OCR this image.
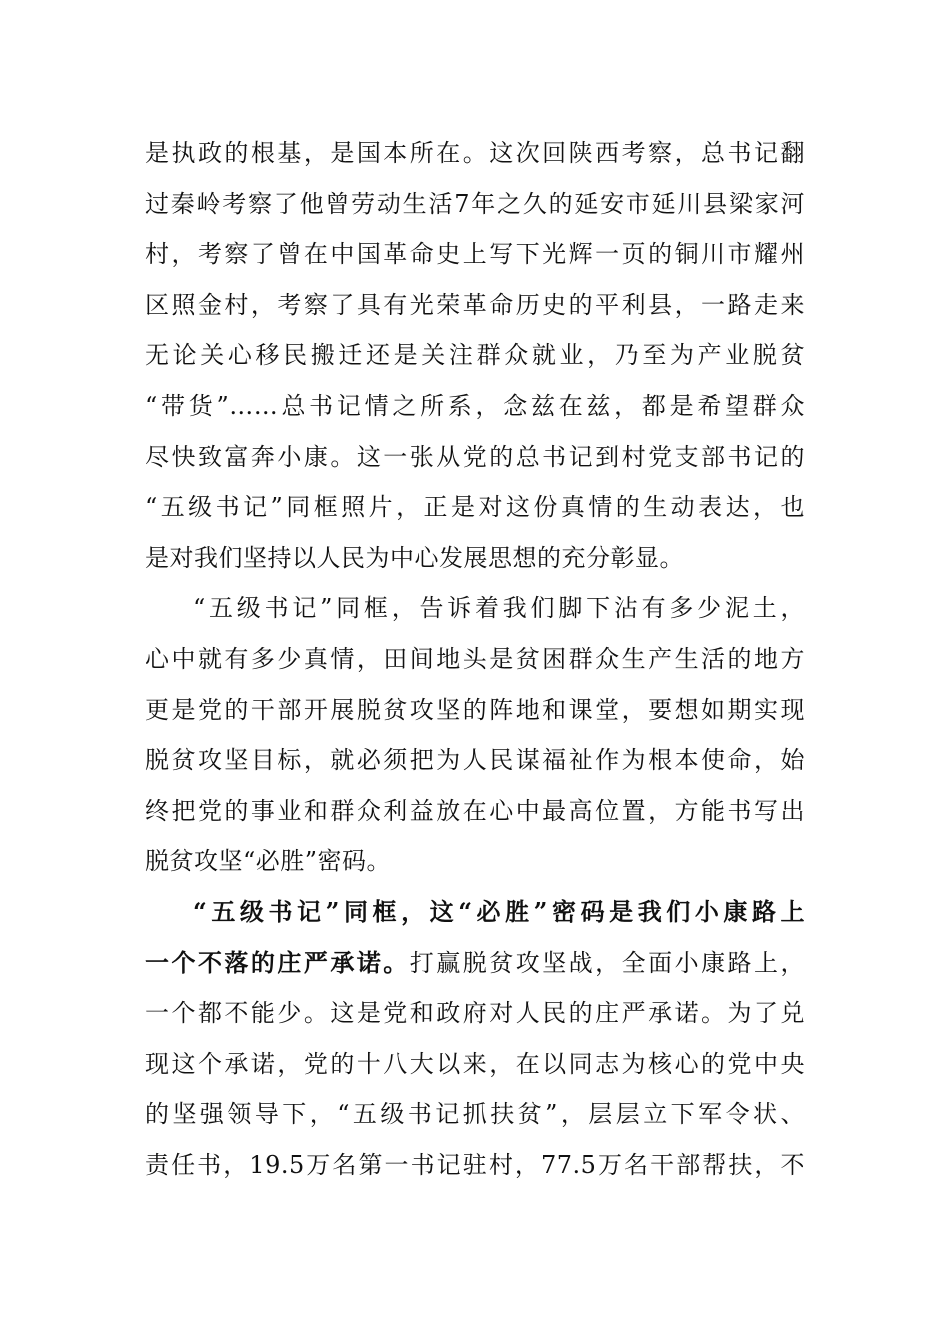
是执政的根基，是国本所在。这次回陕西考察，总书记翻
过秦岭考察了他曾劳动生活7年之久的延安市延川县梁家河
村，考察了曾在中国革命史上写下光辉一页的铜川市耀州
区照金村，考察了具有光荣革命历史的平利县，一路走来
无论关心移民搬迁还是关注群众就业，乃至为产业脱贫
“带货”……总书记情之所系，念兹在兹，都是希望群众
尽快致富奔小康。这一张从党的总书记到村党支部书记的
“五级书记”同框照片，正是对这份真情的生动表达，也
是对我们坚持以人民为中心发展思想的充分彰显。
“五级书记”同框，告诉着我们脚下沾有多少泥土，
心中就有多少真情，田间地头是贫困群众生产生活的地方
更是党的干部开展脱贫攻坚的阵地和课堂，要想如期实现
脱贫攻坚目标，就必须把为人民谋福祉作为根本使命，始
终把党的事业和群众利益放在心中最高位置，方能书写出
脱贫攻坚“必胜”密码。
“五级书记”同框，这“必胜”密码是我们小康路上
一个不落的庄严承诺。打赢脱贫攻坚战，全面小康路上，
一个都不能少。这是党和政府对人民的庄严承诺。为了兑
现这个承诺，党的十八大以来，在以同志为核心的党中央
的坚强领导下，“五级书记抓扶贫”，层层立下军令状、
责任书，19.5万名第一书记驻村，77.5万名干部帮扶，不
